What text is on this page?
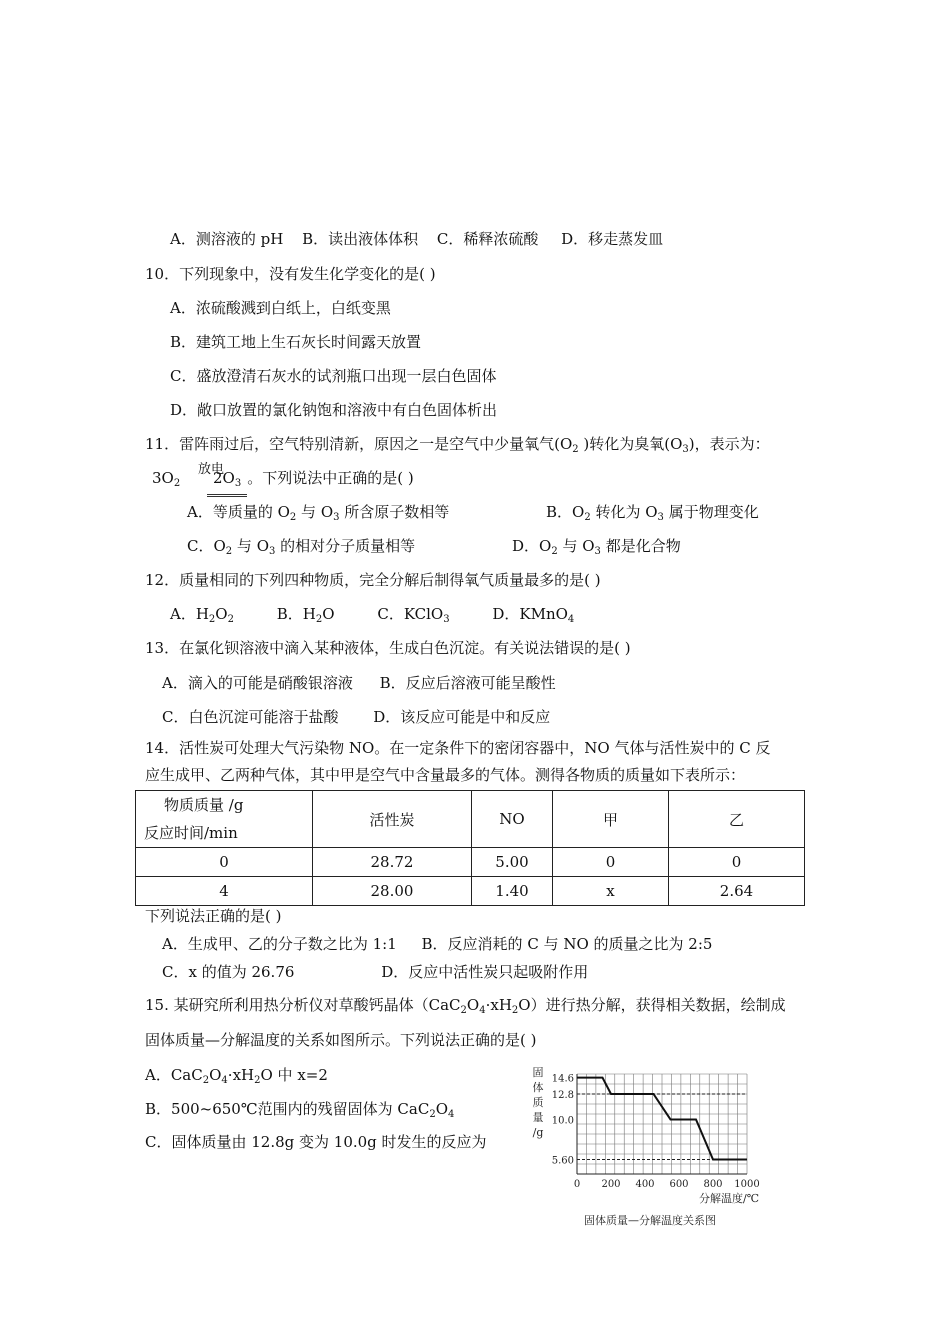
A．测溶液的 pH B．读出液体体积 C．稀释浓硫酸 D．移走蒸发皿
10．下列现象中，没有发生化学变化的是( )
A．浓硫酸溅到白纸上，白纸变黑
B．建筑工地上生石灰长时间露天放置
C．盛放澄清石灰水的试剂瓶口出现一层白色固体
D．敞口放置的氯化钠饱和溶液中有白色固体析出
11．雷阵雨过后，空气特别清新，原因之一是空气中少量氧气($O_2$ )转化为臭氧$(O_3)$，表示为：
放电
$3O_2$ $2O_3$ 。下列说法中正确的是( )
A．等质量的 $O_2$ 与 $O_3$ 所含原子数相等	B．$O_2$ 转化为 $O_3$ 属于物理变化
C．$O_2$ 与 $O_3$ 的相对分子质量相等	D．$O_2$ 与 $O_3$ 都是化合物
12．质量相同的下列四种物质，完全分解后制得氧气质量最多的是( )
A．$H_2O_2$	B．$H_2O$	C．KClO$_3$	D．KMnO$_4$
13．在氯化钡溶液中滴入某种液体，生成白色沉淀。有关说法错误的是( )
A．滴入的可能是硝酸银溶液 B．反应后溶液可能呈酸性
C．白色沉淀可能溶于盐酸 D．该反应可能是中和反应
14．活性炭可处理大气污染物 NO。在一定条件下的密闭容器中，NO 气体与活性炭中的 C 反
应生成甲、乙两种气体，其中甲是空气中含量最多的气体。测得各物质的质量如下表所示：
物质质量 /g
反应时间/min	活性炭	NO	甲	乙
0	28.72	5.00	0	0
4	28.00	1.40	x	2.64
下列说法正确的是( )
A．生成甲、乙的分子数之比为 1:1 B．反应消耗的 C 与 NO 的质量之比为 2:5
C．x 的值为 26.76	D．反应中活性炭只起吸附作用
15. 某研究所利用热分析仪对草酸钙晶体$(CaC_2O_4\cdot xH_2O)$进行热分解，获得相关数据，绘制成
固体质量—分解温度的关系如图所示。下列说法正确的是( )
A．$CaC_2O_4\cdot xH_2O$ 中 x=2
B．500~650℃范围内的残留固体为 $CaC_2O_4$
C．固体质量由 12.8g 变为 10.0g 时发生的反应为
14.6
12.8
10.0
5.60
0 200 400 600 800 1000
固
体
质
量
/g
分解温度/℃
固体质量—分解温度关系图
